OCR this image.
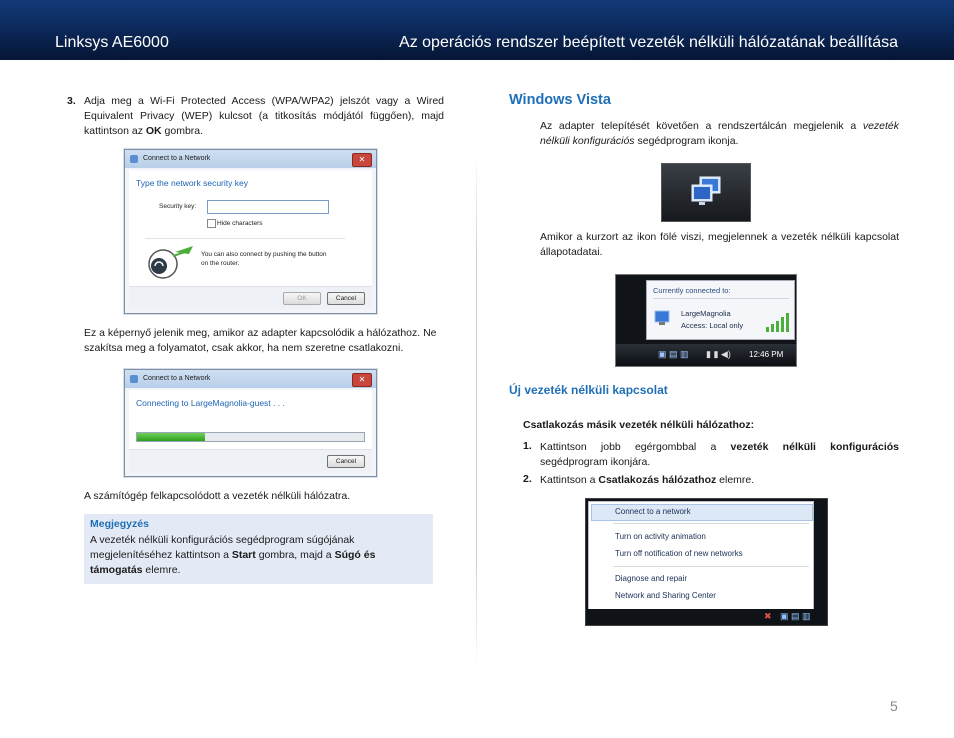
Linksys AE6000	Az operációs rendszer beépített vezeték nélküli hálózatának beállítása
3. Adja meg a Wi-Fi Protected Access (WPA/WPA2) jelszót vagy a Wired Equivalent Privacy (WEP) kulcsot (a titkosítás módjától függően), majd kattintson az OK gombra.
Connect to a Network	✕
Type the network security key
Security key:
Hide characters
You can also connect by pushing the button on the router.
OK	Cancel
Ez a képernyő jelenik meg, amikor az adapter kapcsolódik a hálózathoz. Ne szakítsa meg a folyamatot, csak akkor, ha nem szeretne csatlakozni.
Connect to a Network	✕
Connecting to LargeMagnolia-guest . . .
Cancel
A számítógép felkapcsolódott a vezeték nélküli hálózatra.
Megjegyzés
A vezeték nélküli konfigurációs segédprogram súgójának megjelenítéséhez kattintson a Start gombra, majd a Súgó és támogatás elemre.
Windows Vista
Az adapter telepítését követően a rendszertálcán megjelenik a vezeték nélküli konfigurációs segédprogram ikonja.
Amikor a kurzort az ikon fölé viszi, megjelennek a vezeték nélküli kapcsolat állapotadatai.
Currently connected to:
LargeMagnolia
Access: Local only
▣ ▤ ▥ ▮ ▮ ◀) 12:46 PM
Új vezeték nélküli kapcsolat
Csatlakozás másik vezeték nélküli hálózathoz:
1. Kattintson jobb egérgombbal a vezeték nélküli konfigurációs segédprogram ikonjára.
2. Kattintson a Csatlakozás hálózathoz elemre.
Connect to a network
Turn on activity animation
Turn off notification of new networks
Diagnose and repair
Network and Sharing Center
✖ ▣ ▤ ▥
5
